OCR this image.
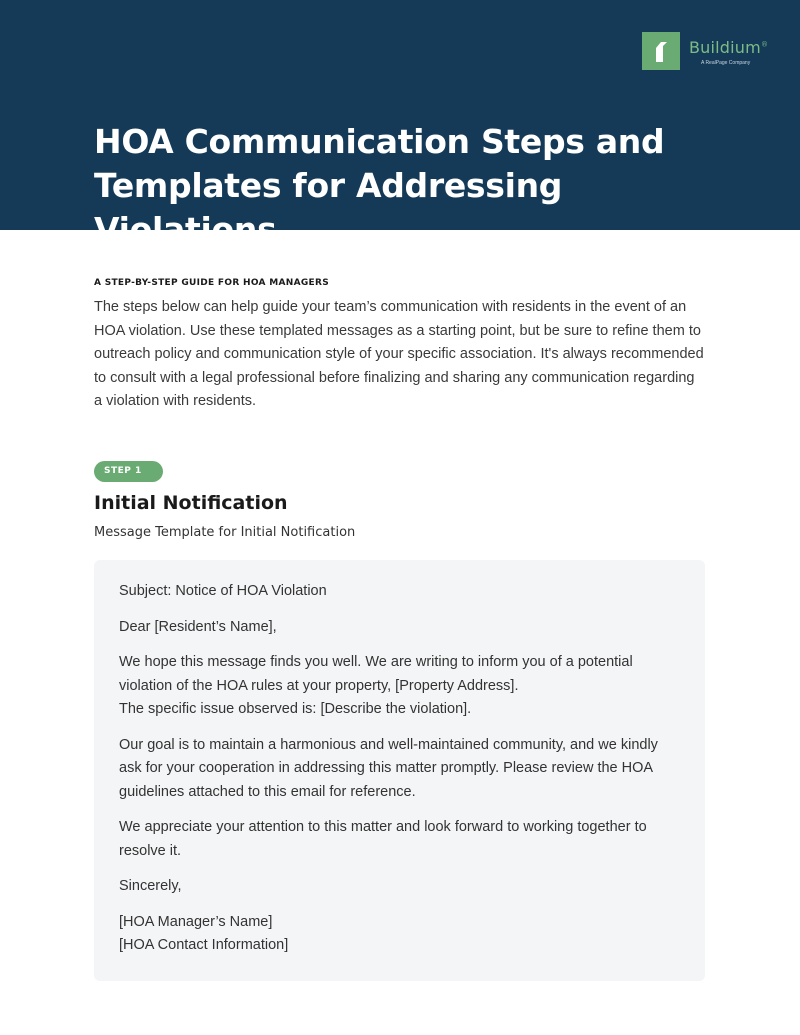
Buildium®
A RealPage Company
HOA Communication Steps and Templates for Addressing Violations
A STEP-BY-STEP GUIDE FOR HOA MANAGERS

The steps below can help guide your team’s communication with residents in the event of an HOA violation. Use these templated messages as a starting point, but be sure to refine them to outreach policy and communication style of your specific association. It's always recommended to consult with a legal professional before finalizing and sharing any communication regarding a violation with residents.

STEP 1
Initial Notification
Message Template for Initial Notification

Subject: Notice of HOA Violation

Dear [Resident’s Name],

We hope this message finds you well. We are writing to inform you of a potential violation of the HOA rules at your property, [Property Address].
The specific issue observed is: [Describe the violation].

Our goal is to maintain a harmonious and well-maintained community, and we kindly ask for your cooperation in addressing this matter promptly. Please review the HOA guidelines attached to this email for reference.

We appreciate your attention to this matter and look forward to working together to resolve it.

Sincerely,

[HOA Manager’s Name]
[HOA Contact Information]
